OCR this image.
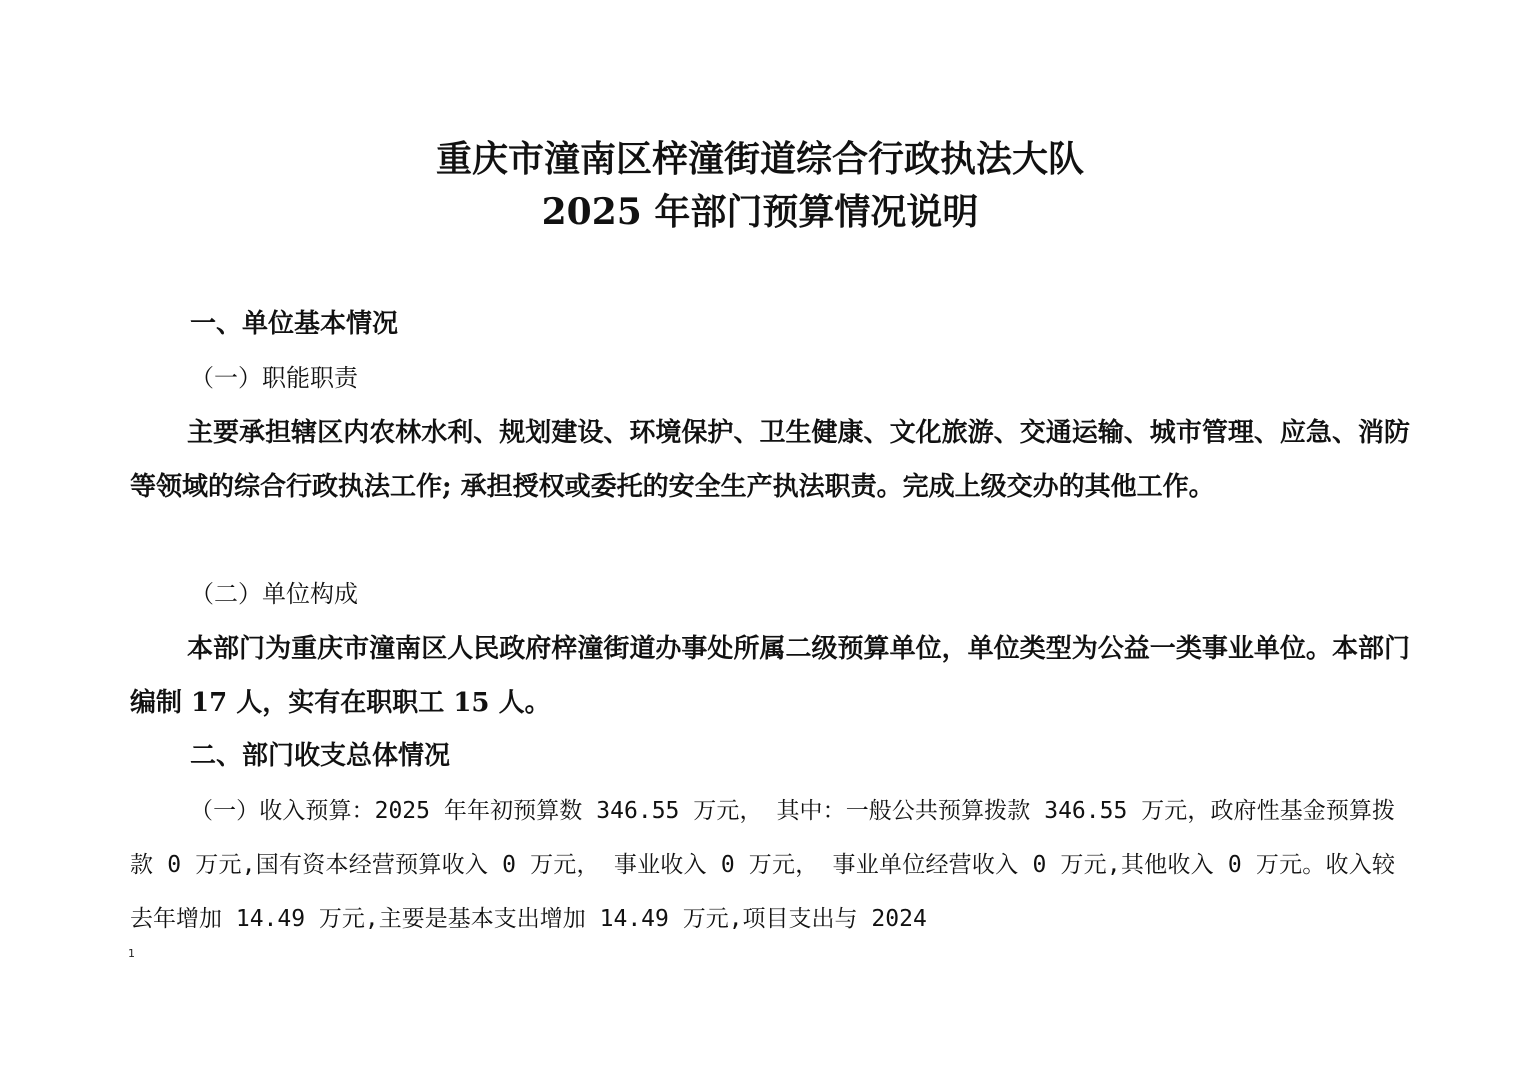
重庆市潼南区梓潼街道综合行政执法大队
2025 年部门预算情况说明
一、单位基本情况
（一）职能职责
主要承担辖区内农林水利、规划建设、环境保护、卫生健康、文化旅游、交通运输、城市管理、应急、消防等领域的综合行政执法工作; 承担授权或委托的安全生产执法职责。完成上级交办的其他工作。
（二）单位构成
本部门为重庆市潼南区人民政府梓潼街道办事处所属二级预算单位，单位类型为公益一类事业单位。本部门编制 17 人，实有在职职工 15 人。
二、部门收支总体情况
（一）收入预算：2025 年年初预算数 346.55 万元， 其中：一般公共预算拨款 346.55 万元，政府性基金预算拨款 0 万元,国有资本经营预算收入 0 万元， 事业收入 0 万元， 事业单位经营收入 0 万元,其他收入 0 万元。收入较去年增加 14.49 万元,主要是基本支出增加 14.49 万元,项目支出与 2024
1
